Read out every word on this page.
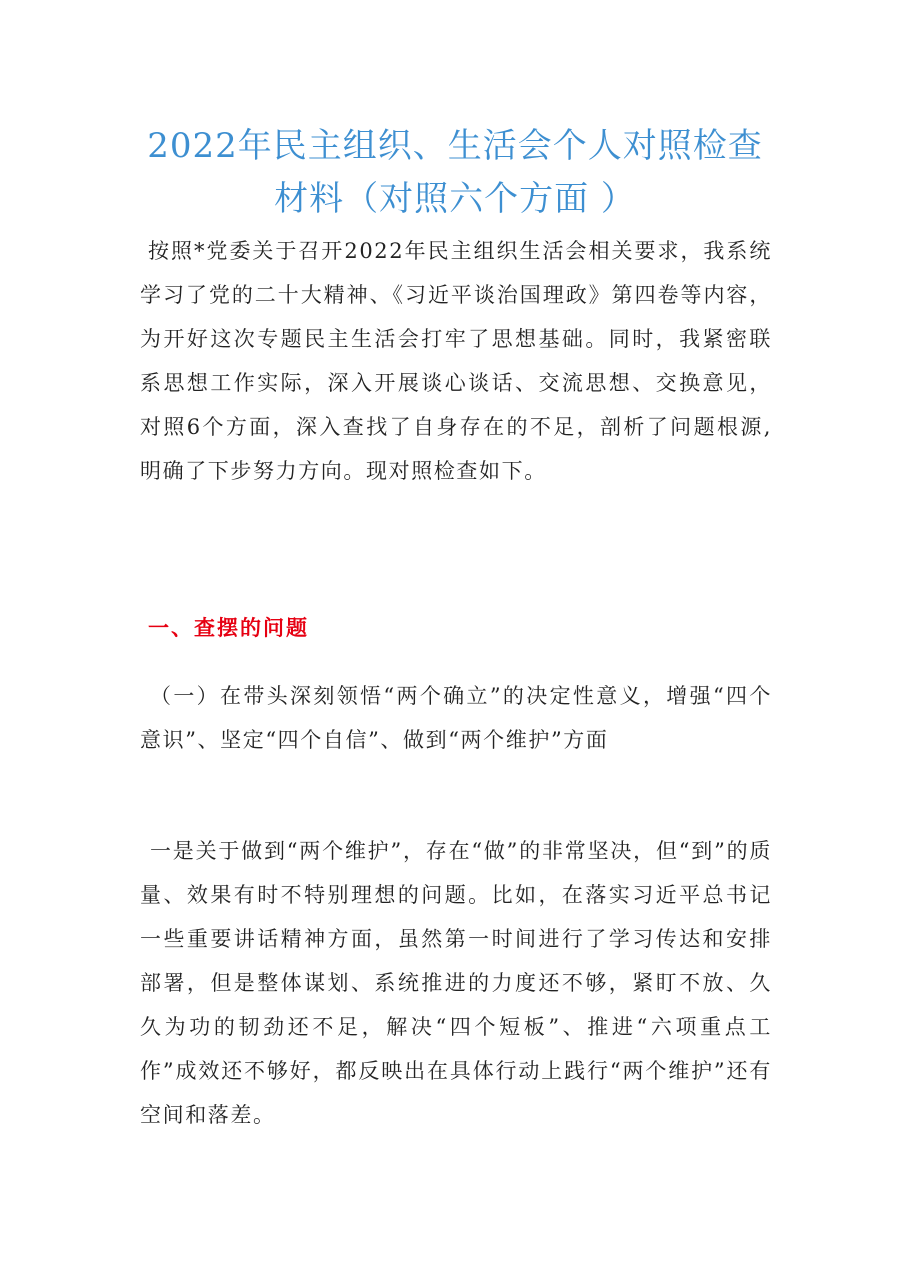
2022年民主组织、生活会个人对照检查材料（对照六个方面 ）

按照*党委关于召开2022年民主组织生活会相关要求，我系统学习了党的二十大精神、《习近平谈治国理政》第四卷等内容，为开好这次专题民主生活会打牢了思想基础。同时，我紧密联系思想工作实际，深入开展谈心谈话、交流思想、交换意见，对照6个方面，深入查找了自身存在的不足，剖析了问题根源,明确了下步努力方向。现对照检查如下。

一、查摆的问题

（一）在带头深刻领悟“两个确立”的决定性意义，增强“四个意识”、坚定“四个自信”、做到“两个维护”方面

一是关于做到“两个维护”，存在“做”的非常坚决，但“到”的质量、效果有时不特别理想的问题。比如，在落实习近平总书记一些重要讲话精神方面，虽然第一时间进行了学习传达和安排部署，但是整体谋划、系统推进的力度还不够，紧盯不放、久久为功的韧劲还不足，解决“四个短板”、推进“六项重点工作”成效还不够好，都反映出在具体行动上践行“两个维护”还有空间和落差。
